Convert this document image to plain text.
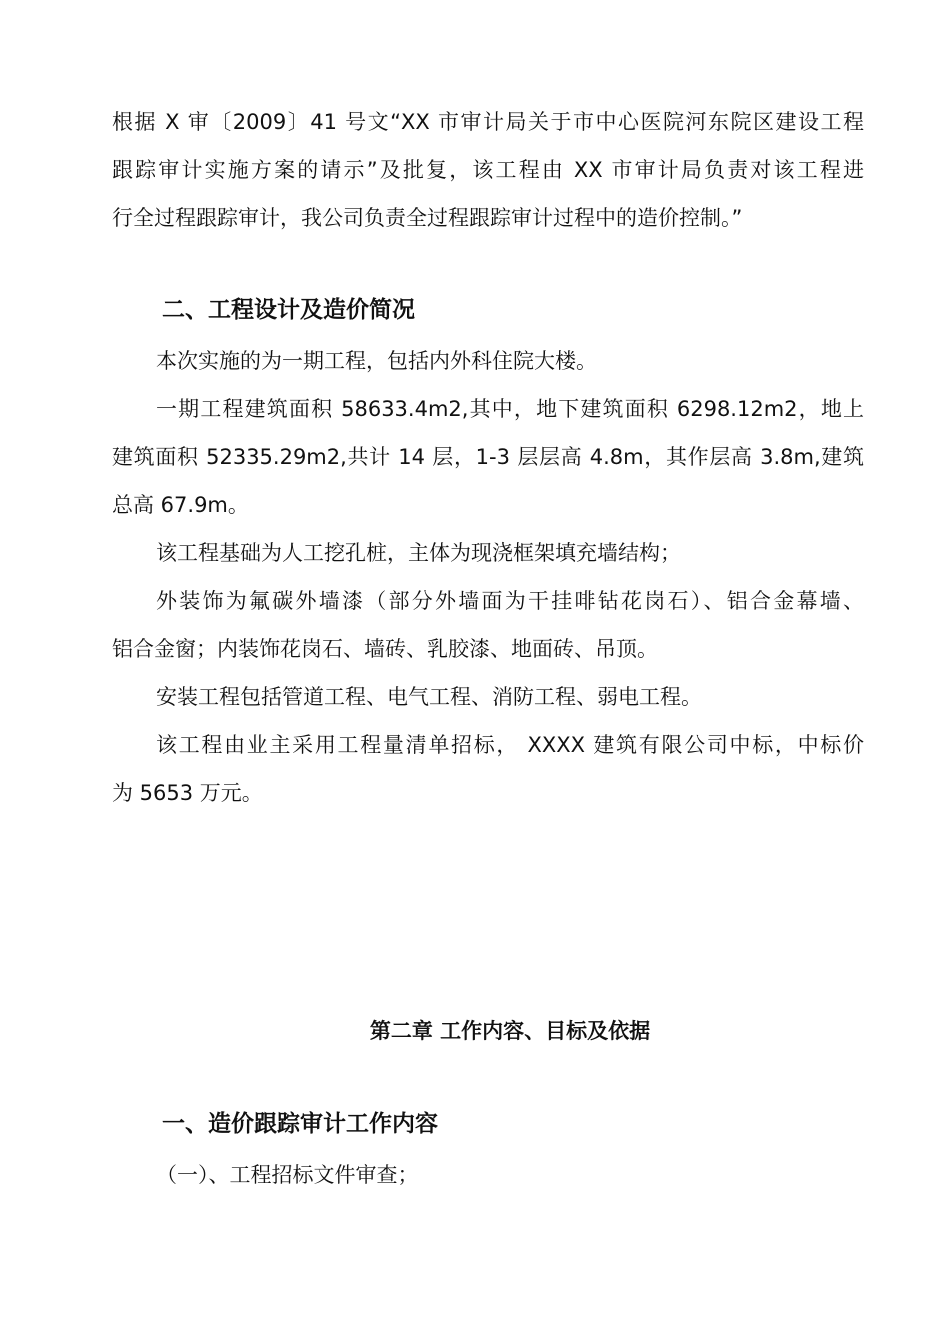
根据 X 审〔2009〕41 号文“XX 市审计局关于市中心医院河东院区建设工程
跟踪审计实施方案的请示”及批复，该工程由 XX 市审计局负责对该工程进
行全过程跟踪审计，我公司负责全过程跟踪审计过程中的造价控制。”
二、工程设计及造价简况
本次实施的为一期工程，包括内外科住院大楼。
一期工程建筑面积 58633.4m2,其中，地下建筑面积 6298.12m2，地上
建筑面积 52335.29m2,共计 14 层，1-3 层层高 4.8m，其作层高 3.8m,建筑
总高 67.9m。
该工程基础为人工挖孔桩，主体为现浇框架填充墙结构；
外装饰为氟碳外墙漆（部分外墙面为干挂啡钻花岗石）、铝合金幕墙、
铝合金窗；内装饰花岗石、墙砖、乳胶漆、地面砖、吊顶。
安装工程包括管道工程、电气工程、消防工程、弱电工程。
该工程由业主采用工程量清单招标， XXXX 建筑有限公司中标，中标价
为 5653 万元。
第二章 工作内容、目标及依据
一、造价跟踪审计工作内容
（一）、工程招标文件审查；
